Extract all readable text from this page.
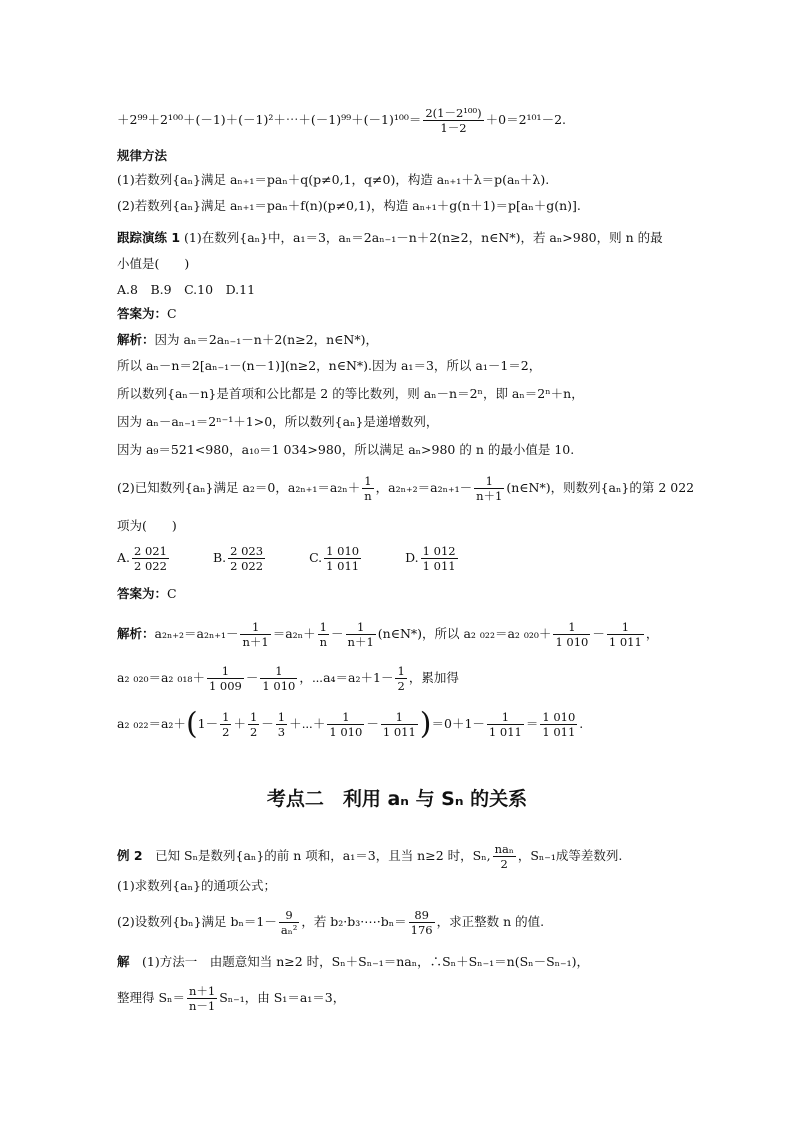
＋2⁹⁹＋2¹⁰⁰＋(－1)＋(－1)²＋⋯＋(－1)⁹⁹＋(－1)¹⁰⁰＝ $\frac{\text{2(1－2¹⁰⁰)}}{1-2} +0=2^{101}-2$.
规律方法
(1)若数列{aₙ}满足 aₙ₊₁＝paₙ＋q(p≠0,1，q≠0)，构造 aₙ₊₁＋λ＝p(aₙ＋λ).
(2)若数列{aₙ}满足 aₙ₊₁＝paₙ＋f(n)(p≠0,1)，构造 aₙ₊₁＋g(n＋1)＝p[aₙ＋g(n)].
跟踪演练 1 (1)在数列{aₙ}中，a₁＝3，aₙ＝2aₙ₋₁－n＋2(n≥2，n∈N*)，若 aₙ>980，则 n 的最
小值是(　　)
A.8　B.9　C.10　D.11
答案为：C
解析：因为 aₙ＝2aₙ₋₁－n＋2(n≥2，n∈N*)，
所以 aₙ－n＝2[aₙ₋₁－(n－1)](n≥2，n∈N*).因为 a₁＝3，所以 a₁－1＝2，
所以数列{aₙ－n}是首项和公比都是 2 的等比数列，则 aₙ－n＝2ⁿ，即 aₙ＝2ⁿ＋n，
因为 aₙ－aₙ₋₁＝2ⁿ⁻¹＋1>0，所以数列{aₙ}是递增数列，
因为 a₉＝521<980，a₁₀＝1 034>980，所以满足 aₙ>980 的 n 的最小值是 10.
(2)已知数列{aₙ}满足 a₂＝0，$a_{2n+1}=a_{2n}+ \frac{1}{n}$ ，$a_{2n+2}=a_{2n+1}- \frac{1}{n+1}$ (n∈N*)，则数列{aₙ}的第 2 022
项为(　　)
A. $\frac{2 021}{2 022}$	B. $\frac{2 023}{2 022}$	C. $\frac{1 010}{1 011}$	D. $\frac{1 012}{1 011}$
答案为：C
解析：$a_{2n+2}=a_{2n+1}- \frac{1}{n+1} =a_{2n}+ \frac{1}{n} - \frac{1}{n+1}$ (n∈N*)，所以 a₂ ₀₂₂＝a₂ $_{020}+ \frac{1}{1 010} - \frac{1}{1 011}$ ，
a₂ ₀₂₀＝a₂ $_{018}+ \frac{1}{1 009} - \frac{1}{1 010}$ ，⋯a₄＝a₂＋1－ $\frac{1}{2}$ ，累加得
a₂ $_{022}=a_2+(1- \frac{1}{2} + \frac{1}{2} - \frac{1}{3}$ ＋⋯＋ $\frac{1}{1 010} - \frac{1}{1 011} )=0+1- \frac{1}{1 011} = \frac{1 010}{1 011}$ .
考点二　利用 aₙ 与 Sₙ 的关系
例 2　 已知 Sₙ是数列{aₙ}的前 n 项和，a₁＝3，且当 n≥2 时，Sₙ, $\frac{\text{naₙ}}{2}$ ，Sₙ₋₁成等差数列.
(1)求数列{aₙ}的通项公式；
(2)设数列{bₙ}满足 $b_n=1- \frac{9}{\text{aₙ²}}$ ，若 b₂·b₃·⋯·bₙ＝ $\frac{89}{176}$ ，求正整数 n 的值.
解　 (1)方法一　由题意知当 n≥2 时，Sₙ＋Sₙ₋₁＝naₙ，∴Sₙ＋Sₙ₋₁＝n(Sₙ－Sₙ₋₁)，
整理得 $S_n= \frac{n+1}{n-1} S_{n-1}$，由 S₁＝a₁＝3，
